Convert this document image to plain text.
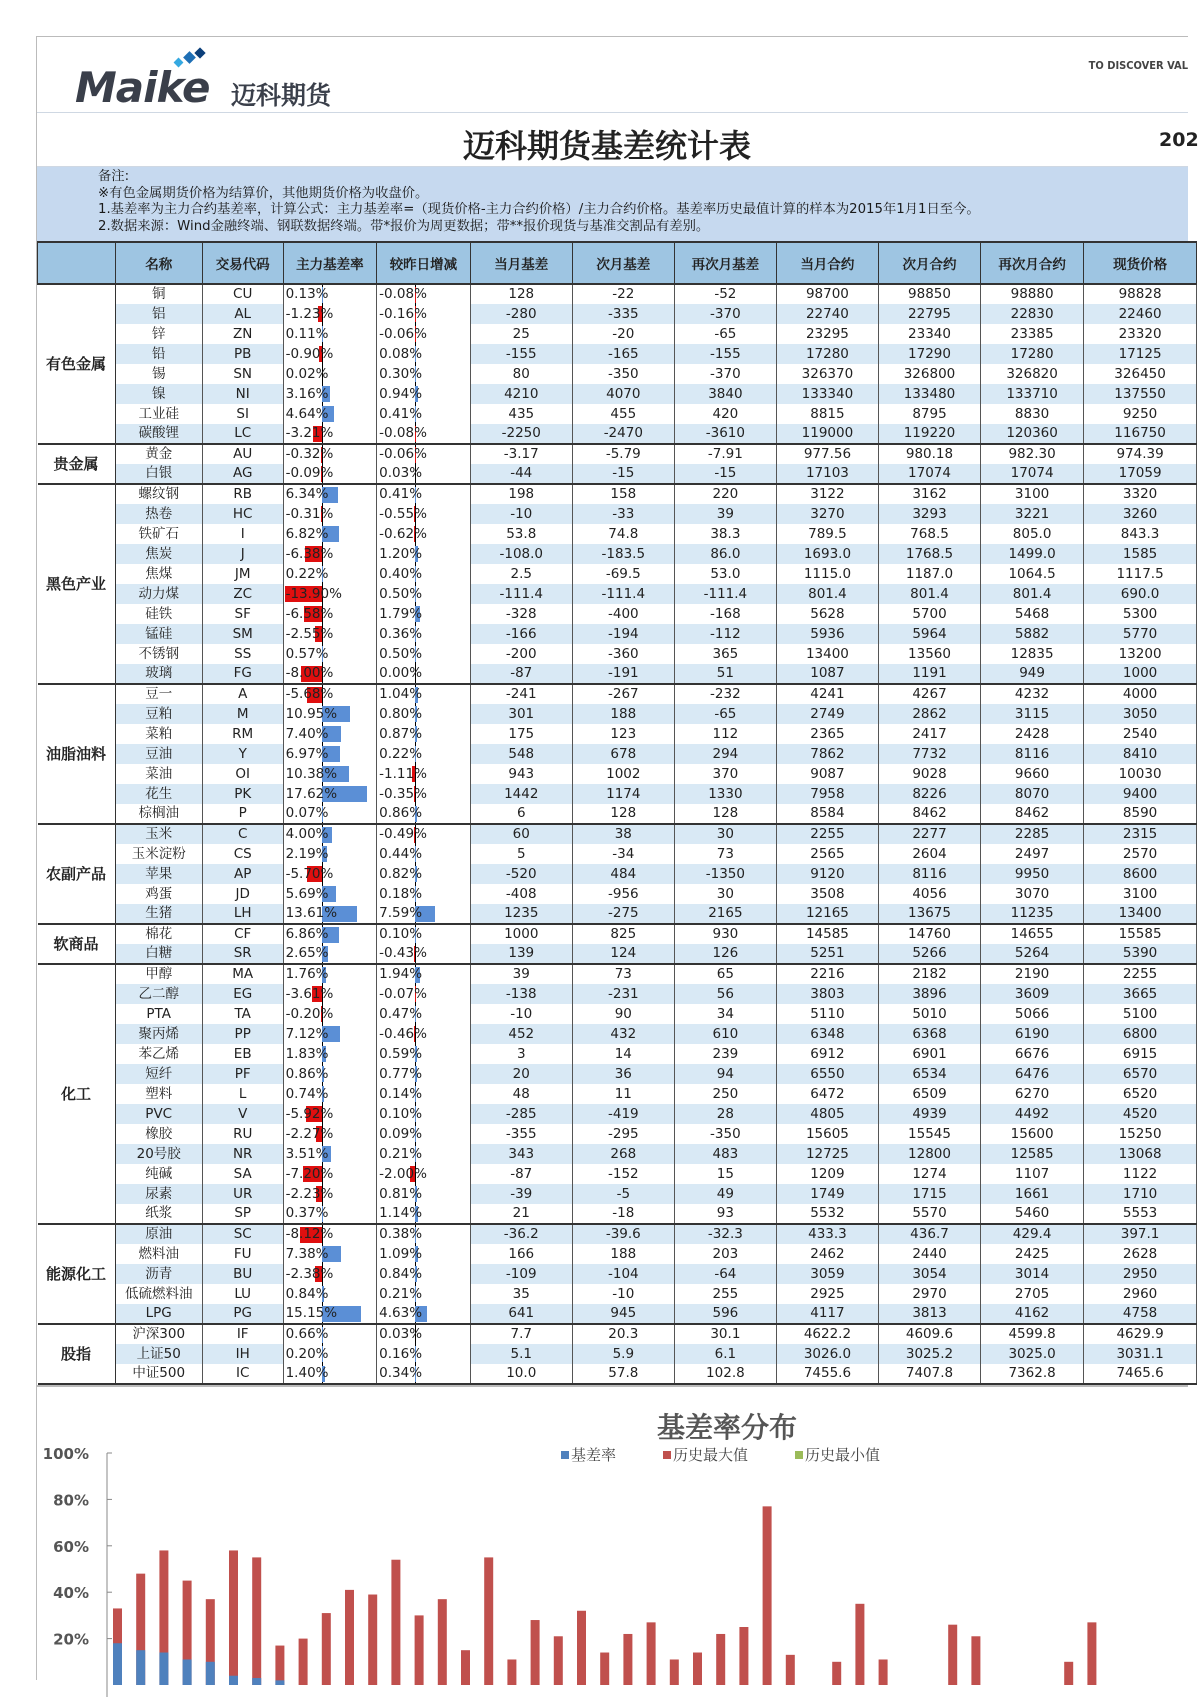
Maike 迈科期货
TO DISCOVER VAL
迈科期货基差统计表	202
备注:
※有色金属期货价格为结算价，其他期货价格为收盘价。
1.基差率为主力合约基差率，计算公式：主力基差率=（现货价格-主力合约价格）/主力合约价格。基差率历史最值计算的样本为2015年1月1日至今。
2.数据来源：Wind金融终端、钢联数据终端。带*报价为周更数据；带**报价现货与基准交割品有差别。
	名称	交易代码	主力基差率	较昨日增减	当月基差	次月基差	再次月基差	当月合约	次月合约	再次月合约	现货价格
有色金属	铜	CU	0.13%	-0.08%	128	-22	-52	98700	98850	98880	98828
	铝	AL	-1.23%	-0.16%	-280	-335	-370	22740	22795	22830	22460
	锌	ZN	0.11%	-0.06%	25	-20	-65	23295	23340	23385	23320
	铅	PB	-0.90%	0.08%	-155	-165	-155	17280	17290	17280	17125
	锡	SN	0.02%	0.30%	80	-350	-370	326370	326800	326820	326450
	镍	NI	3.16%	0.94%	4210	4070	3840	133340	133480	133710	137550
	工业硅	SI	4.64%	0.41%	435	455	420	8815	8795	8830	9250
	碳酸锂	LC	-3.21%	-0.08%	-2250	-2470	-3610	119000	119220	120360	116750
贵金属	黄金	AU	-0.32%	-0.06%	-3.17	-5.79	-7.91	977.56	980.18	982.30	974.39
	白银	AG	-0.09%	0.03%	-44	-15	-15	17103	17074	17074	17059
黑色产业	螺纹钢	RB	6.34%	0.41%	198	158	220	3122	3162	3100	3320
	热卷	HC	-0.31%	-0.55%	-10	-33	39	3270	3293	3221	3260
	铁矿石	I	6.82%	-0.62%	53.8	74.8	38.3	789.5	768.5	805.0	843.3
	焦炭	J	-6.38%	1.20%	-108.0	-183.5	86.0	1693.0	1768.5	1499.0	1585
	焦煤	JM	0.22%	0.40%	2.5	-69.5	53.0	1115.0	1187.0	1064.5	1117.5
	动力煤	ZC	-13.90%	0.50%	-111.4	-111.4	-111.4	801.4	801.4	801.4	690.0
	硅铁	SF	-6.58%	1.79%	-328	-400	-168	5628	5700	5468	5300
	锰硅	SM	-2.55%	0.36%	-166	-194	-112	5936	5964	5882	5770
	不锈钢	SS	0.57%	0.50%	-200	-360	365	13400	13560	12835	13200
	玻璃	FG	-8.00%	0.00%	-87	-191	51	1087	1191	949	1000
油脂油料	豆一	A	-5.68%	1.04%	-241	-267	-232	4241	4267	4232	4000
	豆粕	M	10.95%	0.80%	301	188	-65	2749	2862	3115	3050
	菜粕	RM	7.40%	0.87%	175	123	112	2365	2417	2428	2540
	豆油	Y	6.97%	0.22%	548	678	294	7862	7732	8116	8410
	菜油	OI	10.38%	-1.11%	943	1002	370	9087	9028	9660	10030
	花生	PK	17.62%	-0.35%	1442	1174	1330	7958	8226	8070	9400
	棕榈油	P	0.07%	0.86%	6	128	128	8584	8462	8462	8590
农副产品	玉米	C	4.00%	-0.49%	60	38	30	2255	2277	2285	2315
	玉米淀粉	CS	2.19%	0.44%	5	-34	73	2565	2604	2497	2570
	苹果	AP	-5.70%	0.82%	-520	484	-1350	9120	8116	9950	8600
	鸡蛋	JD	5.69%	0.18%	-408	-956	30	3508	4056	3070	3100
	生猪	LH	13.61%	7.59%	1235	-275	2165	12165	13675	11235	13400
软商品	棉花	CF	6.86%	0.10%	1000	825	930	14585	14760	14655	15585
	白糖	SR	2.65%	-0.43%	139	124	126	5251	5266	5264	5390
化工	甲醇	MA	1.76%	1.94%	39	73	65	2216	2182	2190	2255
	乙二醇	EG	-3.61%	-0.07%	-138	-231	56	3803	3896	3609	3665
	PTA	TA	-0.20%	0.47%	-10	90	34	5110	5010	5066	5100
	聚丙烯	PP	7.12%	-0.46%	452	432	610	6348	6368	6190	6800
	苯乙烯	EB	1.83%	0.59%	3	14	239	6912	6901	6676	6915
	短纤	PF	0.86%	0.77%	20	36	94	6550	6534	6476	6570
	塑料	L	0.74%	0.14%	48	11	250	6472	6509	6270	6520
	PVC	V	-5.92%	0.10%	-285	-419	28	4805	4939	4492	4520
	橡胶	RU	-2.27%	0.09%	-355	-295	-350	15605	15545	15600	15250
	20号胶	NR	3.51%	0.21%	343	268	483	12725	12800	12585	13068
	纯碱	SA	-7.20%	-2.00%	-87	-152	15	1209	1274	1107	1122
	尿素	UR	-2.23%	0.81%	-39	-5	49	1749	1715	1661	1710
	纸浆	SP	0.37%	1.14%	21	-18	93	5532	5570	5460	5553
能源化工	原油	SC	-8.12%	0.38%	-36.2	-39.6	-32.3	433.3	436.7	429.4	397.1
	燃料油	FU	7.38%	1.09%	166	188	203	2462	2440	2425	2628
	沥青	BU	-2.38%	0.84%	-109	-104	-64	3059	3054	3014	2950
	低硫燃料油	LU	0.84%	0.21%	35	-10	255	2925	2970	2705	2960
	LPG	PG	15.15%	4.63%	641	945	596	4117	3813	4162	4758
股指	沪深300	IF	0.66%	0.03%	7.7	20.3	30.1	4622.2	4609.6	4599.8	4629.9
	上证50	IH	0.20%	0.16%	5.1	5.9	6.1	3026.0	3025.2	3025.0	3031.1
	中证500	IC	1.40%	0.34%	10.0	57.8	102.8	7455.6	7407.8	7362.8	7465.6
基差率分布
基差率	历史最大值	历史最小值
100%
80%
60%
40%
20%
